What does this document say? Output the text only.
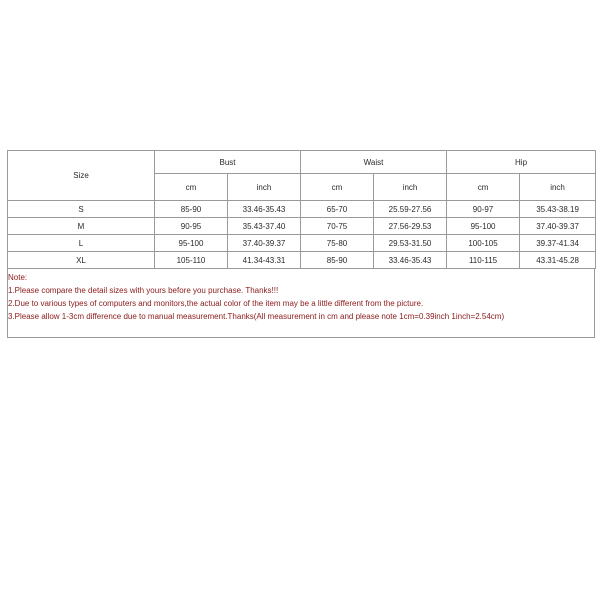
Size	Bust		Waist		Hip	
	cm	inch	cm	inch	cm	inch
S	85-90	33.46-35.43	65-70	25.59-27.56	90-97	35.43-38.19
M	90-95	35.43-37.40	70-75	27.56-29.53	95-100	37.40-39.37
L	95-100	37.40-39.37	75-80	29.53-31.50	100-105	39.37-41.34
XL	105-110	41.34-43.31	85-90	33.46-35.43	110-115	43.31-45.28
Note:
1.Please compare the detail sizes with yours before you purchase. Thanks!!!
2.Due to various types of computers and monitors,the actual color of the item may be a little different from the picture.
3.Please allow 1-3cm difference due to manual measurement.Thanks(All measurement in cm and please note 1cm=0.39inch 1inch=2.54cm)
